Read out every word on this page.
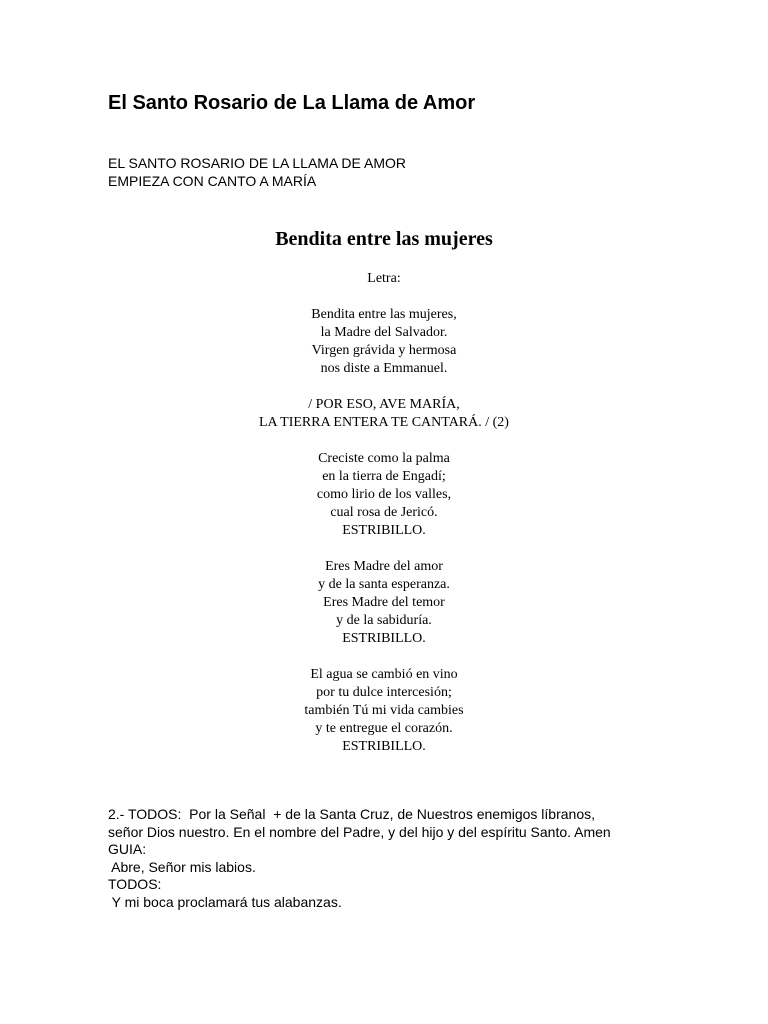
El Santo Rosario de La Llama de Amor
EL SANTO ROSARIO DE LA LLAMA DE AMOR
EMPIEZA CON CANTO A MARÍA
Bendita entre las mujeres
Letra:
Bendita entre las mujeres,
la Madre del Salvador.
Virgen grávida y hermosa
nos diste a Emmanuel.
/ POR ESO, AVE MARÍA,
LA TIERRA ENTERA TE CANTARÁ. / (2)
Creciste como la palma
en la tierra de Engadí;
como lirio de los valles,
cual rosa de Jericó.
ESTRIBILLO.
Eres Madre del amor
y de la santa esperanza.
Eres Madre del temor
y de la sabiduría.
ESTRIBILLO.
El agua se cambió en vino
por tu dulce intercesión;
también Tú mi vida cambies
y te entregue el corazón.
ESTRIBILLO.
2.- TODOS:  Por la Señal  + de la Santa Cruz, de Nuestros enemigos líbranos,
señor Dios nuestro. En el nombre del Padre, y del hijo y del espíritu Santo. Amen
GUIA:
Abre, Señor mis labios.
TODOS:
Y mi boca proclamará tus alabanzas.
